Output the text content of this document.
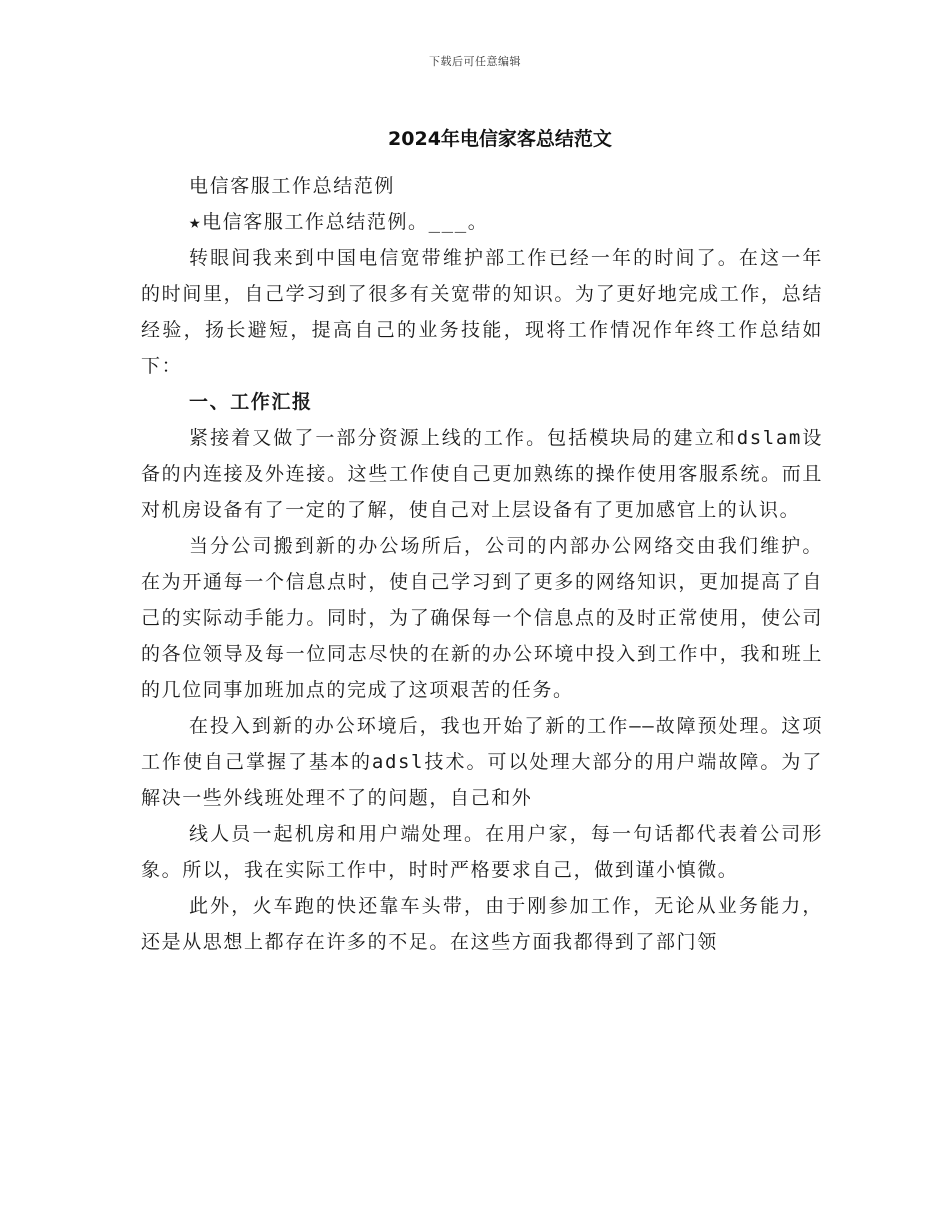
下载后可任意编辑
2024年电信家客总结范文

电信客服工作总结范例

★电信客服工作总结范例。___。

转眼间我来到中国电信宽带维护部工作已经一年的时间了。在这一年的时间里，自己学习到了很多有关宽带的知识。为了更好地完成工作，总结经验，扬长避短，提高自己的业务技能，现将工作情况作年终工作总结如下：

一、工作汇报

紧接着又做了一部分资源上线的工作。包括模块局的建立和dslam设备的内连接及外连接。这些工作使自己更加熟练的操作使用客服系统。而且对机房设备有了一定的了解，使自己对上层设备有了更加感官上的认识。

当分公司搬到新的办公场所后，公司的内部办公网络交由我们维护。在为开通每一个信息点时，使自己学习到了更多的网络知识，更加提高了自己的实际动手能力。同时，为了确保每一个信息点的及时正常使用，使公司的各位领导及每一位同志尽快的在新的办公环境中投入到工作中，我和班上的几位同事加班加点的完成了这项艰苦的任务。

在投入到新的办公环境后，我也开始了新的工作——故障预处理。这项工作使自己掌握了基本的adsl技术。可以处理大部分的用户端故障。为了解决一些外线班处理不了的问题，自己和外

线人员一起机房和用户端处理。在用户家，每一句话都代表着公司形象。所以，我在实际工作中，时时严格要求自己，做到谨小慎微。

此外，火车跑的快还靠车头带，由于刚参加工作，无论从业务能力，还是从思想上都存在许多的不足。在这些方面我都得到了部门领
